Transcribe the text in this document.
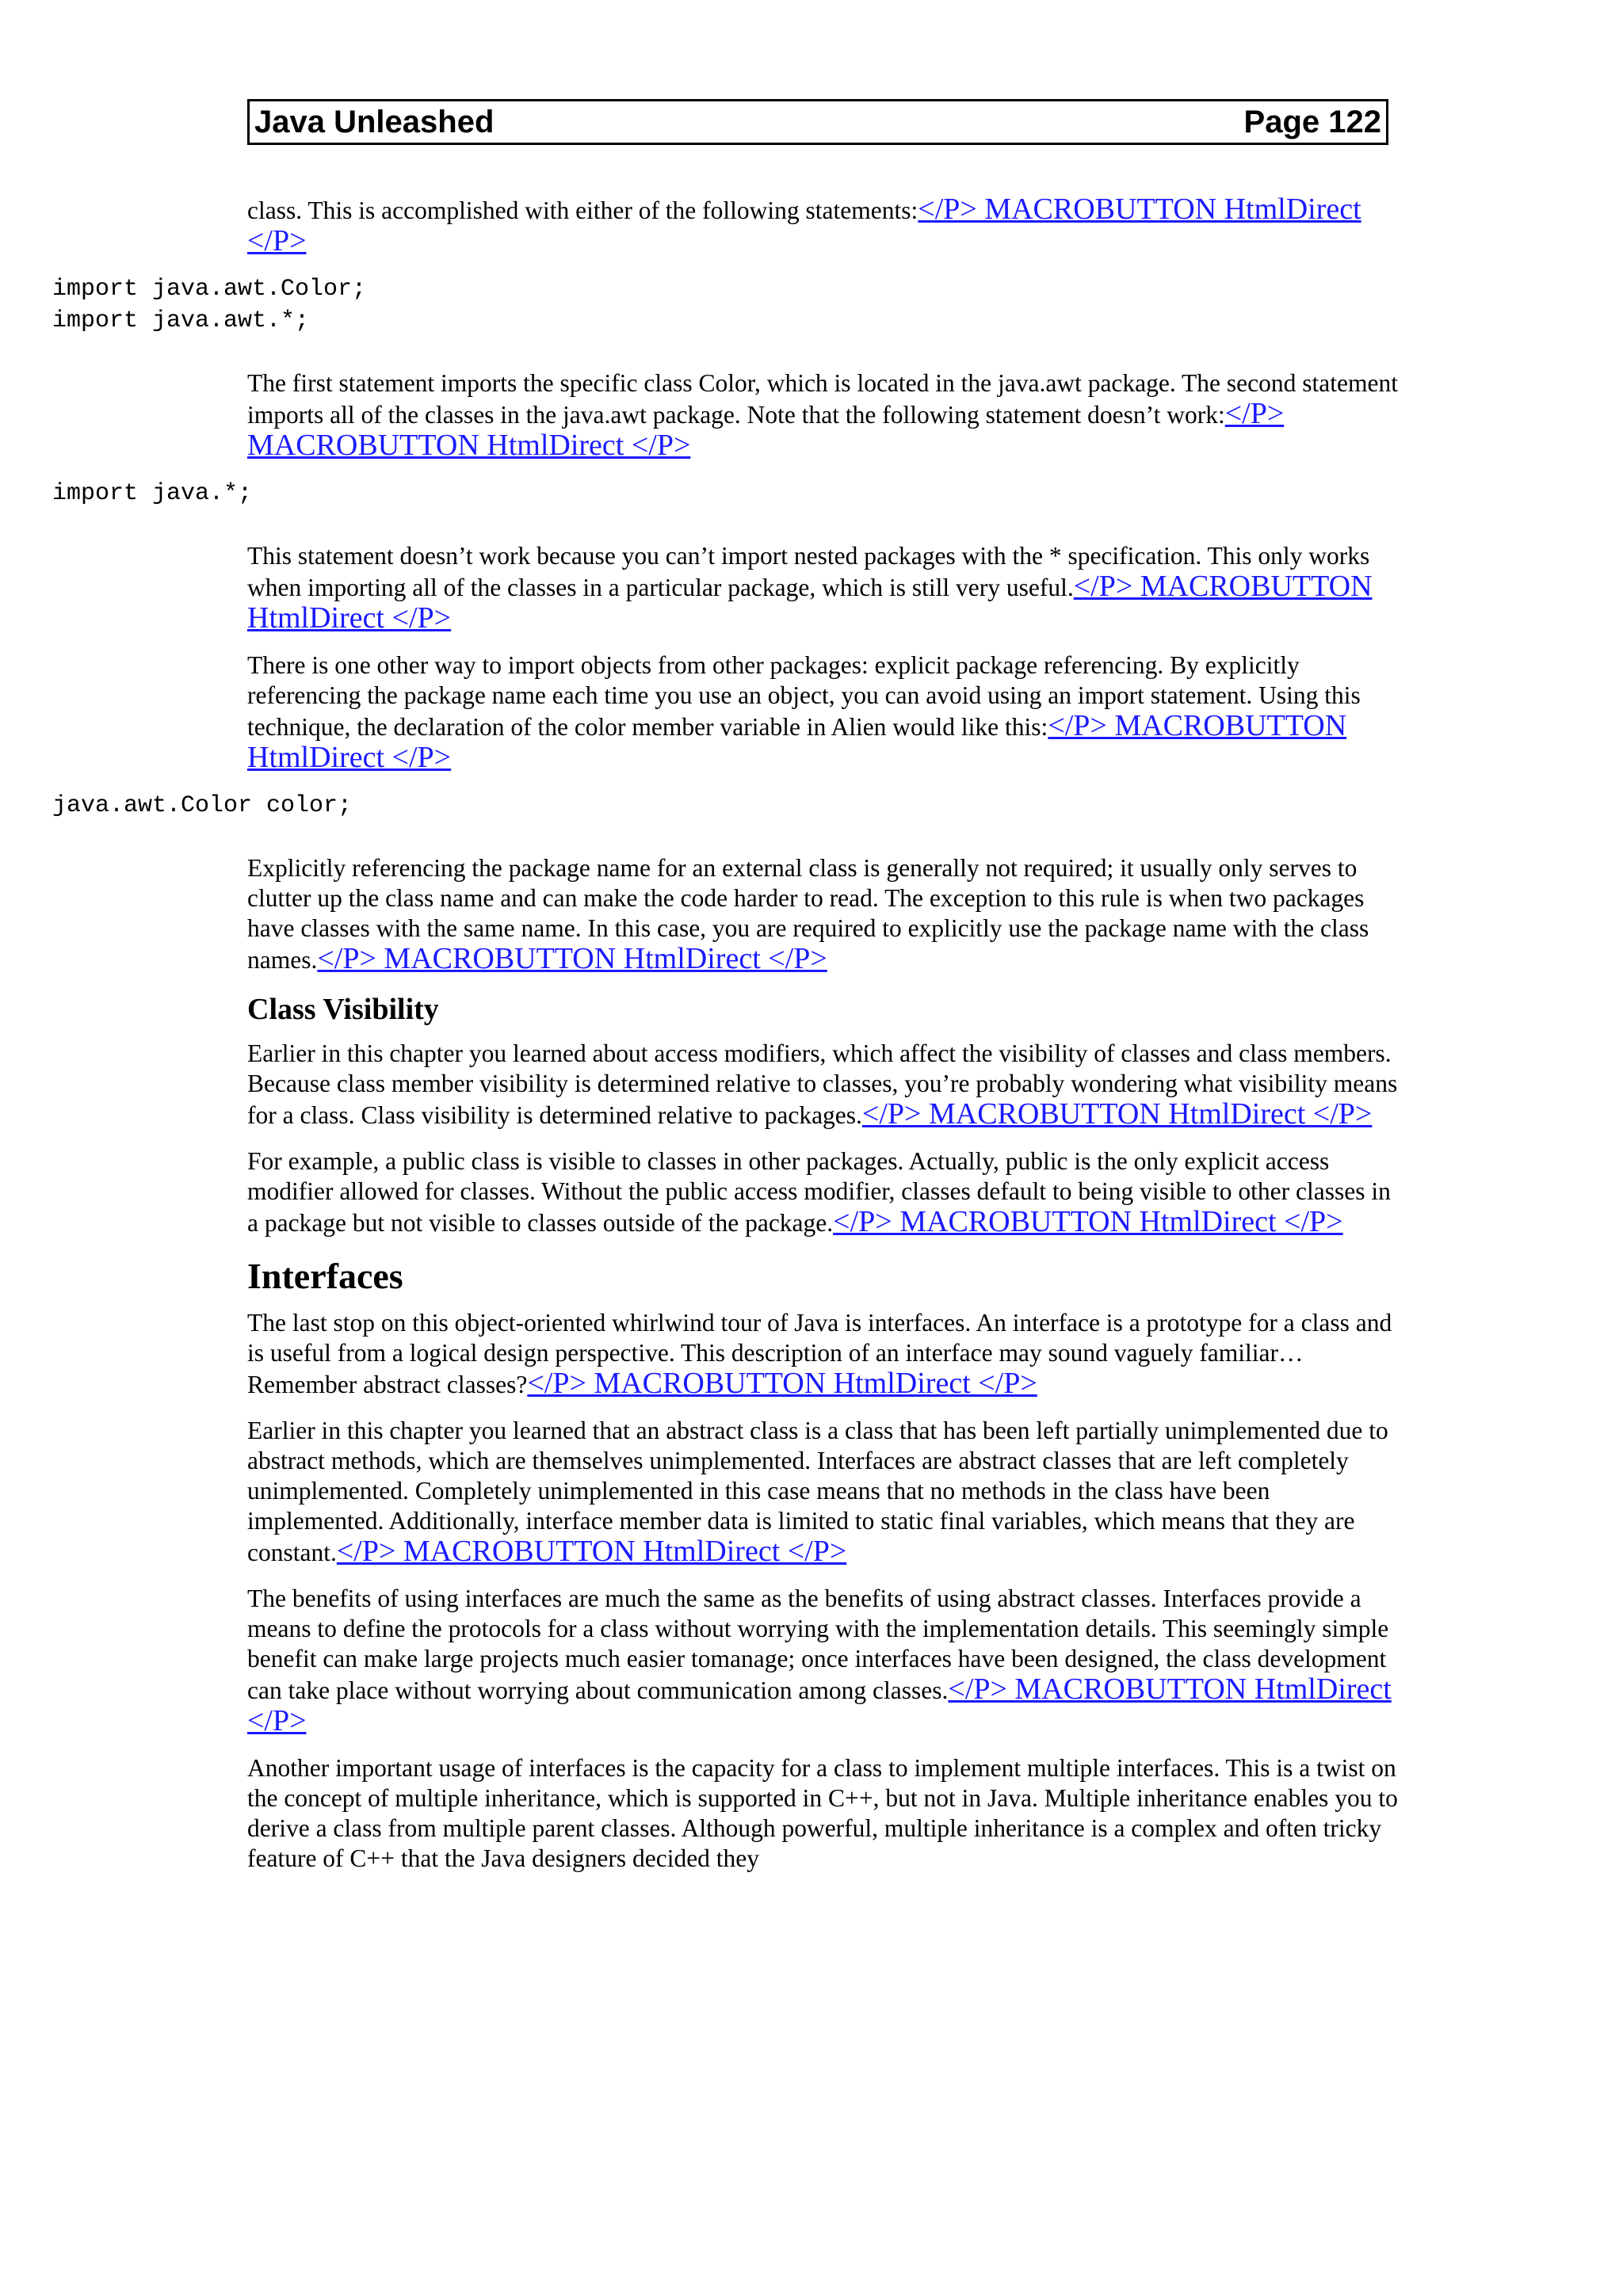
Java Unleashed	Page 122
class. This is accomplished with either of the following statements:</P> MACROBUTTON HtmlDirect </P>
import java.awt.Color;
import java.awt.*;
The first statement imports the specific class Color, which is located in the java.awt package. The second statement imports all of the classes in the java.awt package. Note that the following statement doesn’t work:</P> MACROBUTTON HtmlDirect </P>
import java.*;
This statement doesn’t work because you can’t import nested packages with the * specification. This only works when importing all of the classes in a particular package, which is still very useful.</P> MACROBUTTON HtmlDirect </P>
There is one other way to import objects from other packages: explicit package referencing. By explicitly referencing the package name each time you use an object, you can avoid using an import statement. Using this technique, the declaration of the color member variable in Alien would like this:</P> MACROBUTTON HtmlDirect </P>
java.awt.Color color;
Explicitly referencing the package name for an external class is generally not required; it usually only serves to clutter up the class name and can make the code harder to read. The exception to this rule is when two packages have classes with the same name. In this case, you are required to explicitly use the package name with the class names.</P> MACROBUTTON HtmlDirect </P>
Class Visibility
Earlier in this chapter you learned about access modifiers, which affect the visibility of classes and class members. Because class member visibility is determined relative to classes, you’re probably wondering what visibility means for a class. Class visibility is determined relative to packages.</P> MACROBUTTON HtmlDirect </P>
For example, a public class is visible to classes in other packages. Actually, public is the only explicit access modifier allowed for classes. Without the public access modifier, classes default to being visible to other classes in a package but not visible to classes outside of the package.</P> MACROBUTTON HtmlDirect </P>
Interfaces
The last stop on this object-oriented whirlwind tour of Java is interfaces. An interface is a prototype for a class and is useful from a logical design perspective. This description of an interface may sound vaguely familiar… Remember abstract classes?</P> MACROBUTTON HtmlDirect </P>
Earlier in this chapter you learned that an abstract class is a class that has been left partially unimplemented due to abstract methods, which are themselves unimplemented. Interfaces are abstract classes that are left completely unimplemented. Completely unimplemented in this case means that no methods in the class have been implemented. Additionally, interface member data is limited to static final variables, which means that they are constant.</P> MACROBUTTON HtmlDirect </P>
The benefits of using interfaces are much the same as the benefits of using abstract classes. Interfaces provide a means to define the protocols for a class without worrying with the implementation details. This seemingly simple benefit can make large projects much easier tomanage; once interfaces have been designed, the class development can take place without worrying about communication among classes.</P> MACROBUTTON HtmlDirect </P>
Another important usage of interfaces is the capacity for a class to implement multiple interfaces. This is a twist on the concept of multiple inheritance, which is supported in C++, but not in Java. Multiple inheritance enables you to derive a class from multiple parent classes. Although powerful, multiple inheritance is a complex and often tricky feature of C++ that the Java designers decided they
